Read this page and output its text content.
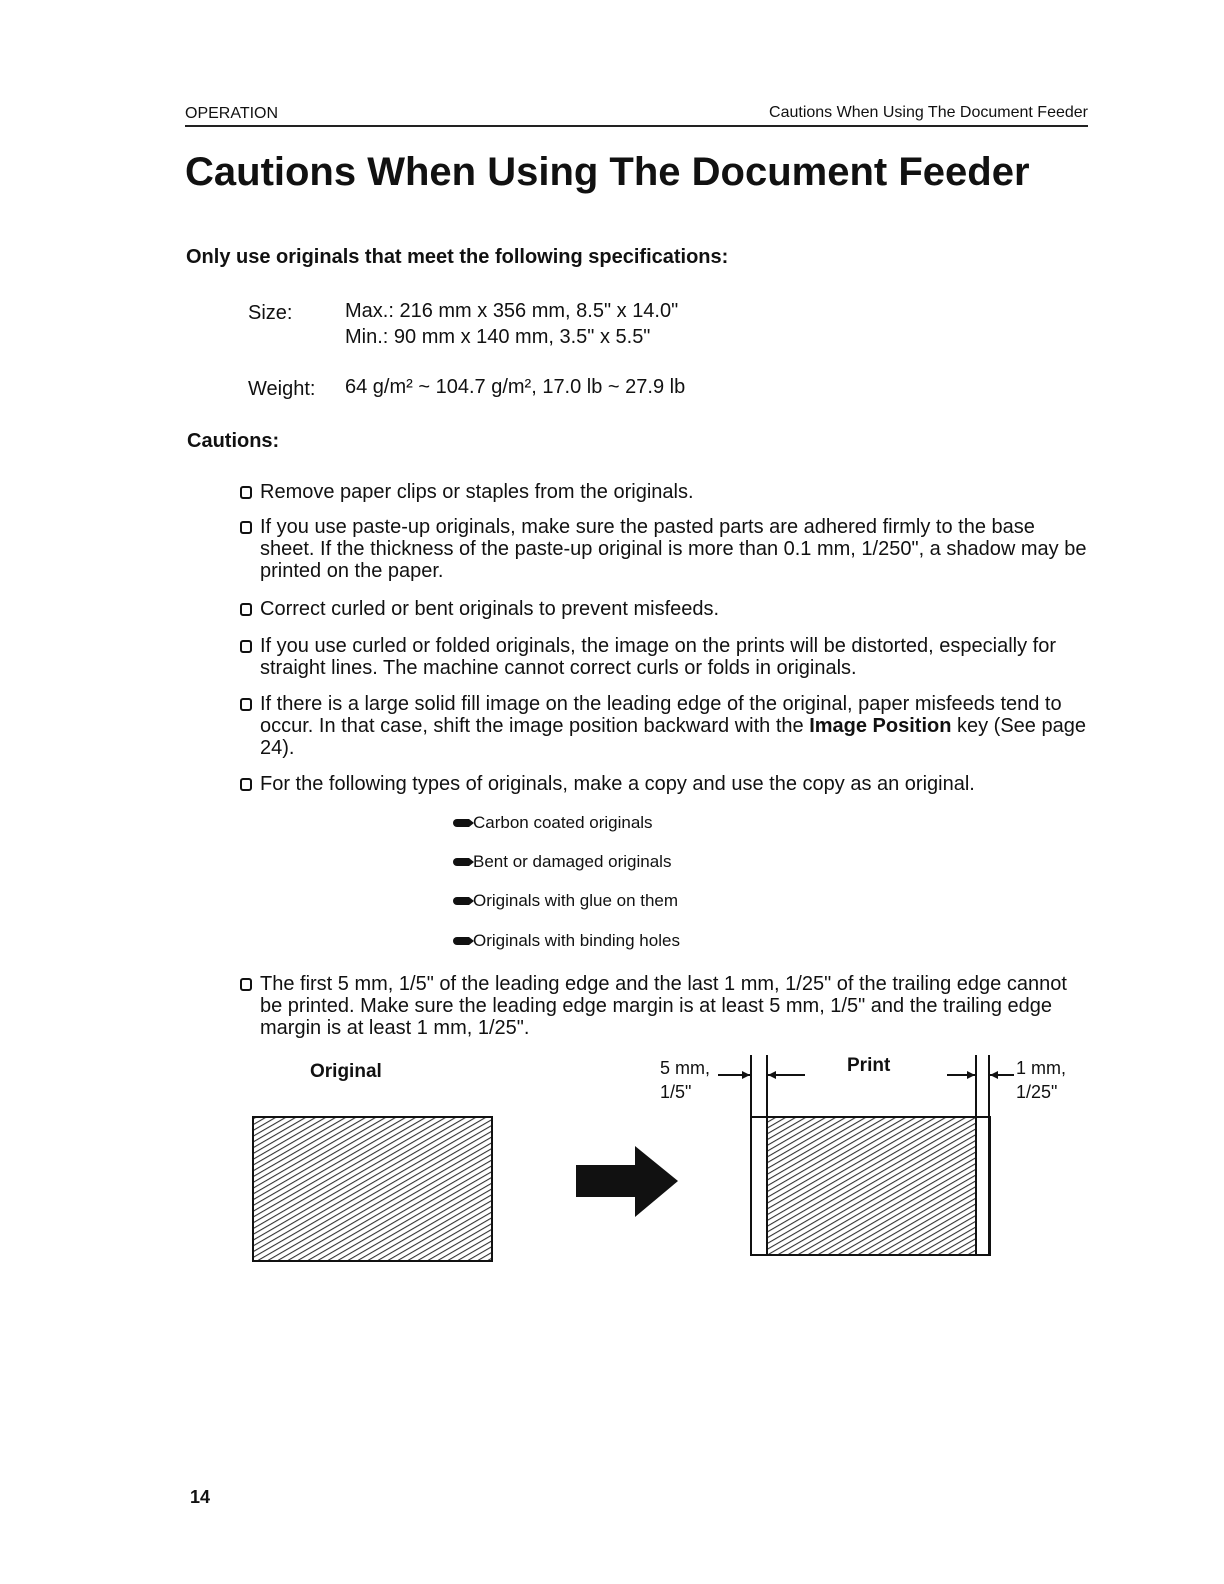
OPERATION	Cautions When Using The Document Feeder
Cautions When Using The Document Feeder
Only use originals that meet the following specifications:
Size:	Max.: 216 mm x 356 mm, 8.5" x 14.0"
Min.: 90 mm x 140 mm, 3.5" x 5.5"
Weight: 64 g/m² ~ 104.7 g/m², 17.0 lb ~ 27.9 lb
Cautions:
Remove paper clips or staples from the originals.
If you use paste-up originals, make sure the pasted parts are adhered firmly to the base sheet. If the thickness of the paste-up original is more than 0.1 mm, 1/250", a shadow may be printed on the paper.
Correct curled or bent originals to prevent misfeeds.
If you use curled or folded originals, the image on the prints will be distorted, especially for straight lines. The machine cannot correct curls or folds in originals.
If there is a large solid fill image on the leading edge of the original, paper misfeeds tend to occur. In that case, shift the image position backward with the Image Position key (See page 24).
For the following types of originals, make a copy and use the copy as an original.
Carbon coated originals
Bent or damaged originals
Originals with glue on them
Originals with binding holes
The first 5 mm, 1/5" of the leading edge and the last 1 mm, 1/25" of the trailing edge cannot be printed. Make sure the leading edge margin is at least 5 mm, 1/5" and the trailing edge margin is at least 1 mm, 1/25".
Original	Print
5 mm,
1/5"
1 mm,
1/25"
14
